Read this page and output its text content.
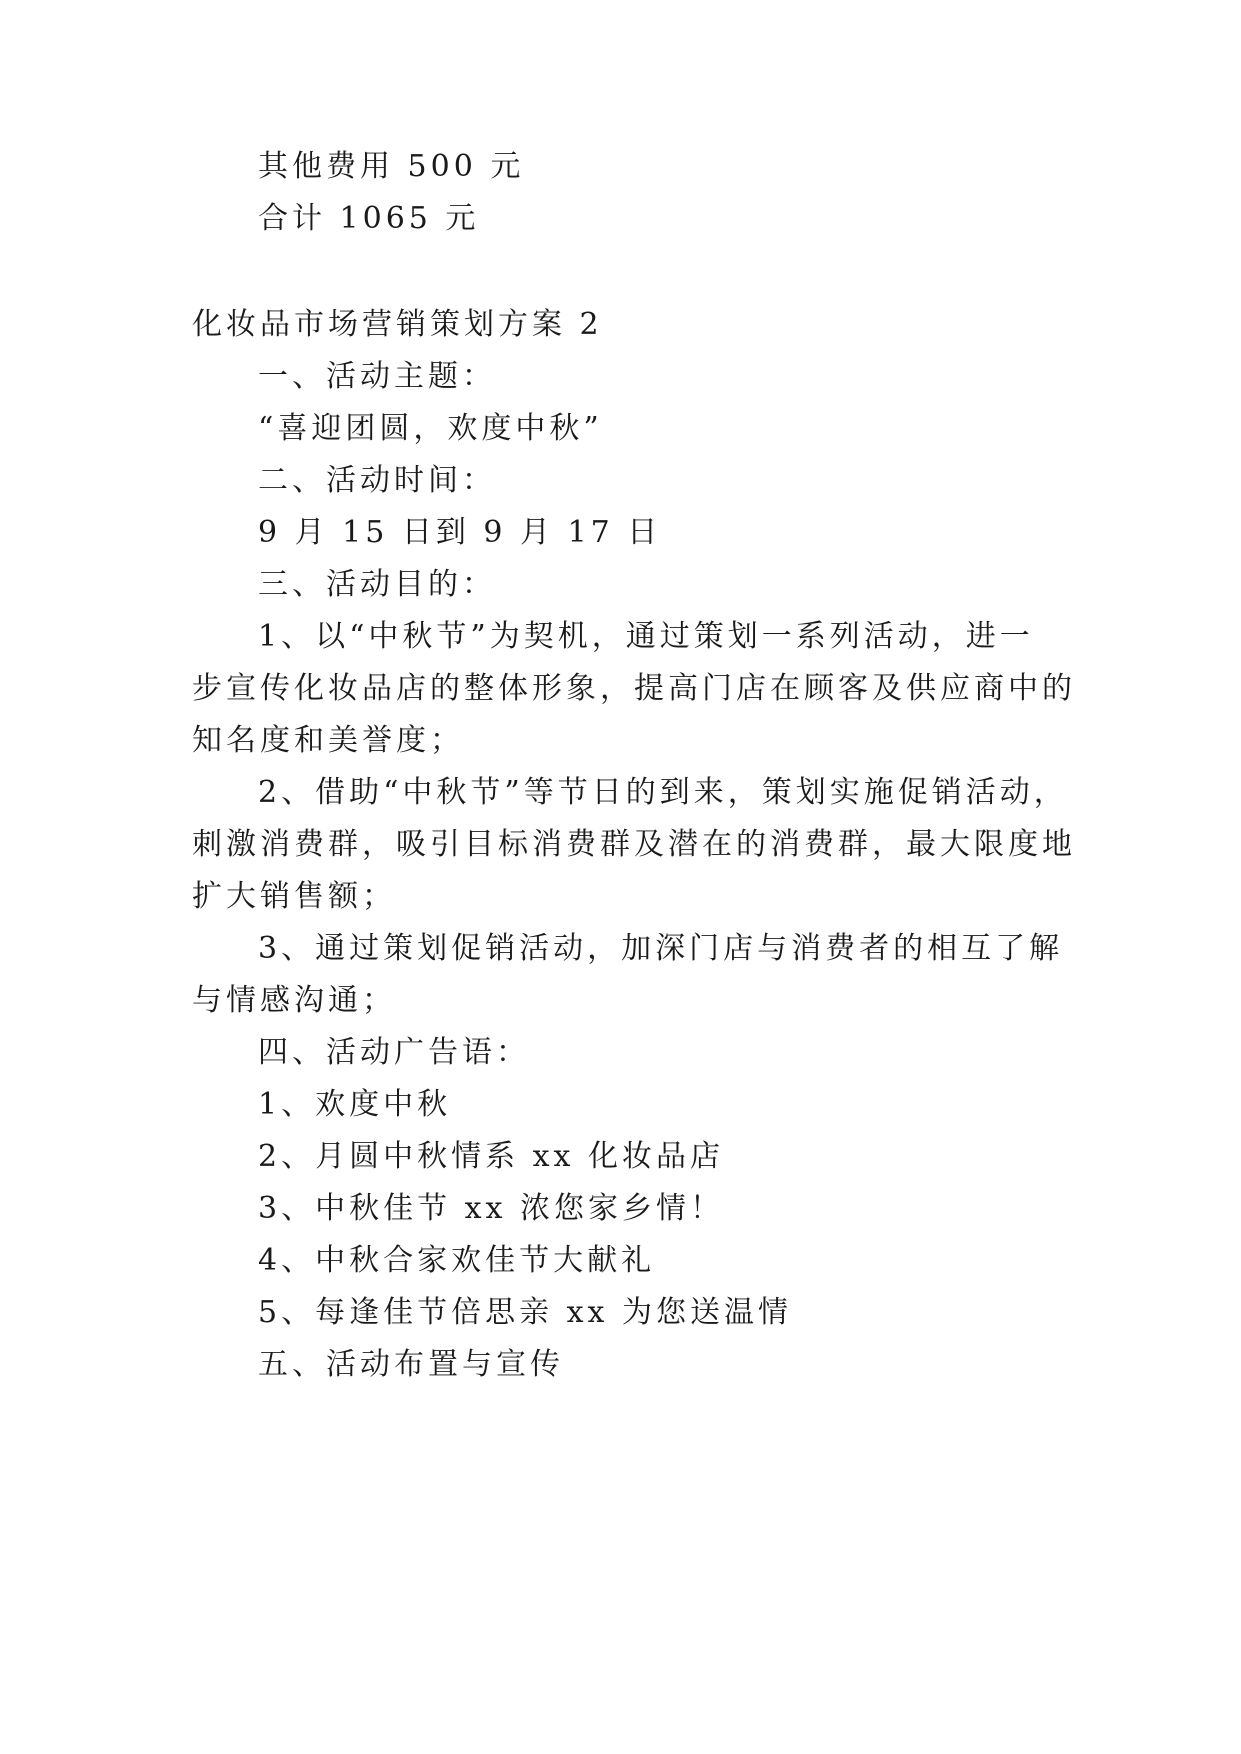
其他费用 500 元

合计 1065 元

化妆品市场营销策划方案 2

一、活动主题：

“喜迎团圆，欢度中秋”

二、活动时间：

9 月 15 日到 9 月 17 日

三、活动目的：

1、以“中秋节”为契机，通过策划一系列活动，进一

步宣传化妆品店的整体形象，提高门店在顾客及供应商中的

知名度和美誉度；

2、借助“中秋节”等节日的到来，策划实施促销活动，

刺激消费群，吸引目标消费群及潜在的消费群，最大限度地

扩大销售额；

3、通过策划促销活动，加深门店与消费者的相互了解

与情感沟通；

四、活动广告语：

1、欢度中秋

2、月圆中秋情系 xx 化妆品店

3、中秋佳节 xx 浓您家乡情！

4、中秋合家欢佳节大献礼

5、每逢佳节倍思亲 xx 为您送温情

五、活动布置与宣传
